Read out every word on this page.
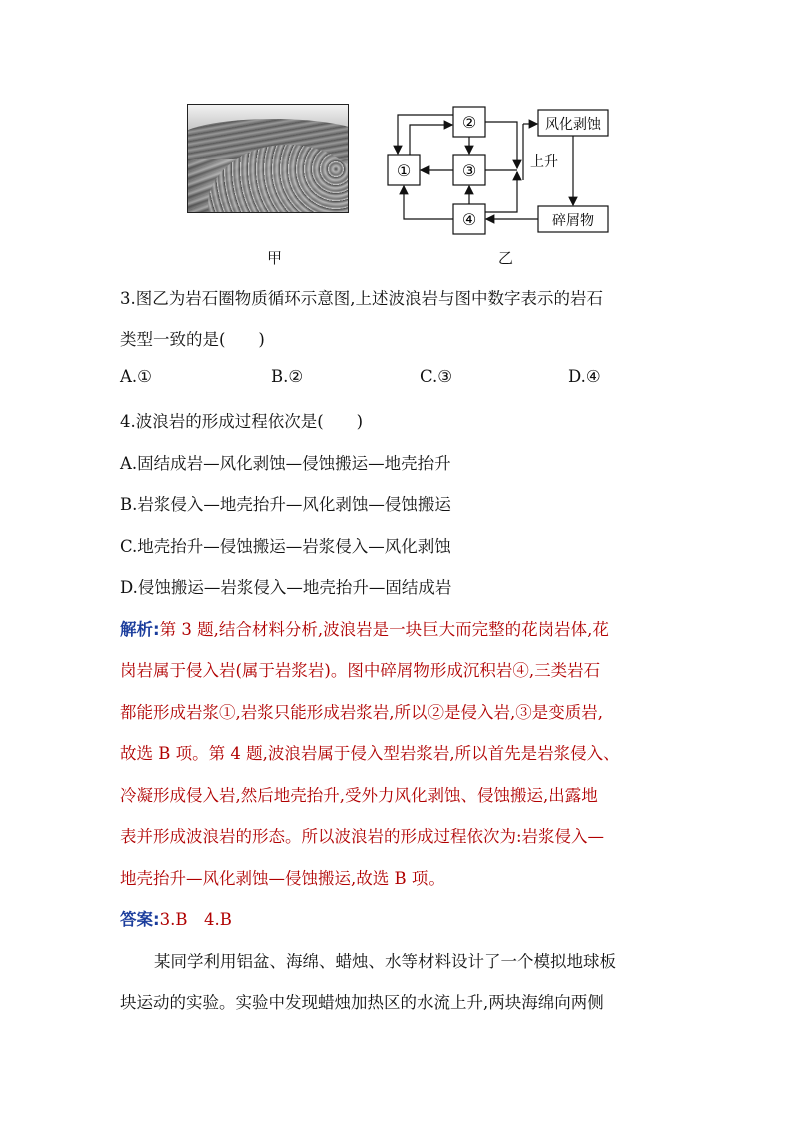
甲
①
②
③
④
风化剥蚀
碎屑物
上升
乙
3.图乙为岩石圈物质循环示意图,上述波浪岩与图中数字表示的岩石
类型一致的是(　　)
A.①	B.②	C.③	D.④
4.波浪岩的形成过程依次是(　　)
A.固结成岩—风化剥蚀—侵蚀搬运—地壳抬升
B.岩浆侵入—地壳抬升—风化剥蚀—侵蚀搬运
C.地壳抬升—侵蚀搬运—岩浆侵入—风化剥蚀
D.侵蚀搬运—岩浆侵入—地壳抬升—固结成岩
解析:第 3 题,结合材料分析,波浪岩是一块巨大而完整的花岗岩体,花
岗岩属于侵入岩(属于岩浆岩)。图中碎屑物形成沉积岩④,三类岩石
都能形成岩浆①,岩浆只能形成岩浆岩,所以②是侵入岩,③是变质岩,
故选 B 项。第 4 题,波浪岩属于侵入型岩浆岩,所以首先是岩浆侵入、
冷凝形成侵入岩,然后地壳抬升,受外力风化剥蚀、侵蚀搬运,出露地
表并形成波浪岩的形态。所以波浪岩的形成过程依次为:岩浆侵入—
地壳抬升—风化剥蚀—侵蚀搬运,故选 B 项。
答案:3.B　4.B
某同学利用铝盆、海绵、蜡烛、水等材料设计了一个模拟地球板
块运动的实验。实验中发现蜡烛加热区的水流上升,两块海绵向两侧
